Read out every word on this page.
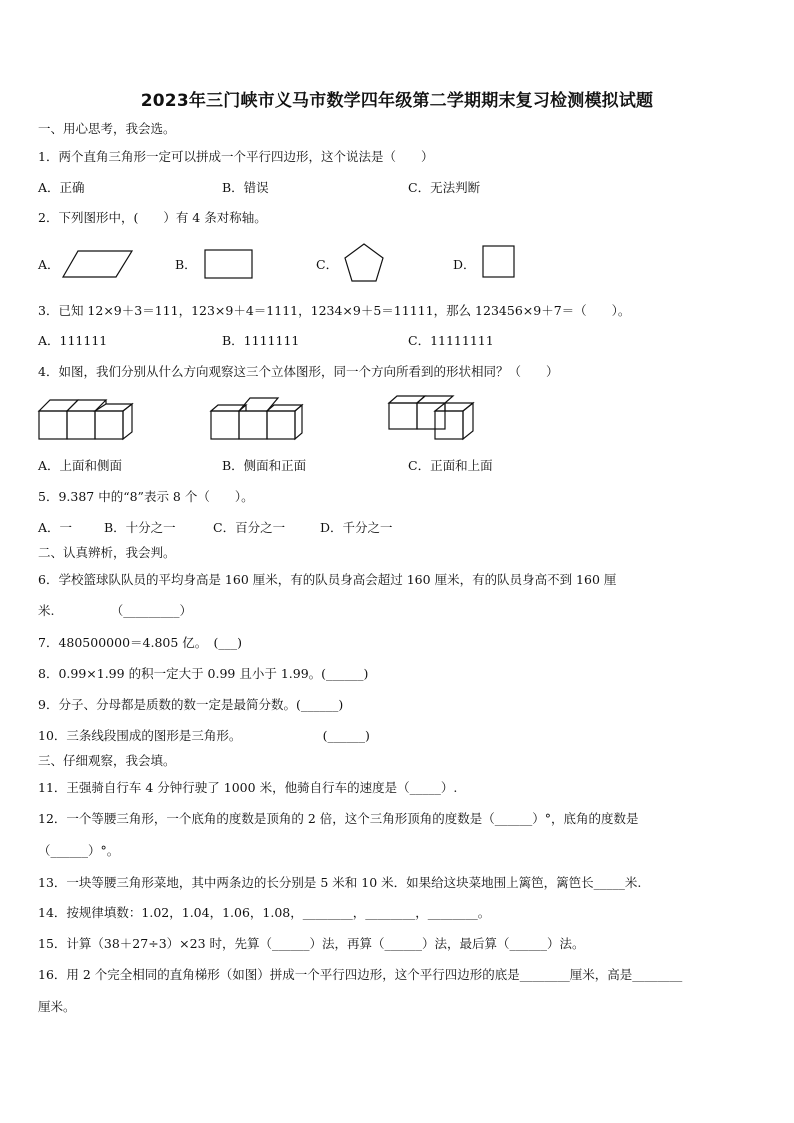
2023年三门峡市义马市数学四年级第二学期期末复习检测模拟试题
一、用心思考，我会选。
1．两个直角三角形一定可以拼成一个平行四边形，这个说法是（　　）
A．正确	B．错误	C．无法判断
2．下列图形中，(　　）有 4 条对称轴。
A．	B．	C．	D．
3．已知 12×9＋3＝111，123×9＋4＝1111，1234×9＋5＝11111，那么 123456×9＋7＝（　　）。
A．111111	B．1111111	C．11111111
4．如图，我们分别从什么方向观察这三个立体图形，同一个方向所看到的形状相同？（　　）
A．上面和侧面	B．侧面和正面	C．正面和上面
5．9.387 中的“8”表示 8 个（　　）。
A．一	B．十分之一	C．百分之一	D．千分之一
二、认真辨析，我会判。
6．学校篮球队队员的平均身高是 160 厘米，有的队员身高会超过 160 厘米，有的队员身高不到 160 厘
米.　　　　　（_________）
7．480500000＝4.805 亿。　(___)
8．0.99×1.99 的积一定大于 0.99 且小于 1.99。(______)
9．分子、分母都是质数的数一定是最简分数。(______)
10．三条线段围成的图形是三角形。　　　　　　　(______)
三、仔细观察，我会填。
11．王强骑自行车 4 分钟行驶了 1000 米，他骑自行车的速度是（_____）.
12．一个等腰三角形，一个底角的度数是顶角的 2 倍，这个三角形顶角的度数是（______）°，底角的度数是
（______）°。
13．一块等腰三角形菜地，其中两条边的长分别是 5 米和 10 米．如果给这块菜地围上篱笆，篱笆长_____米.
14．按规律填数：1.02，1.04，1.06，1.08，________，________，________。
15．计算（38＋27÷3）×23 时，先算（______）法，再算（______）法，最后算（______）法。
16．用 2 个完全相同的直角梯形（如图）拼成一个平行四边形，这个平行四边形的底是________厘米，高是________
厘米。
